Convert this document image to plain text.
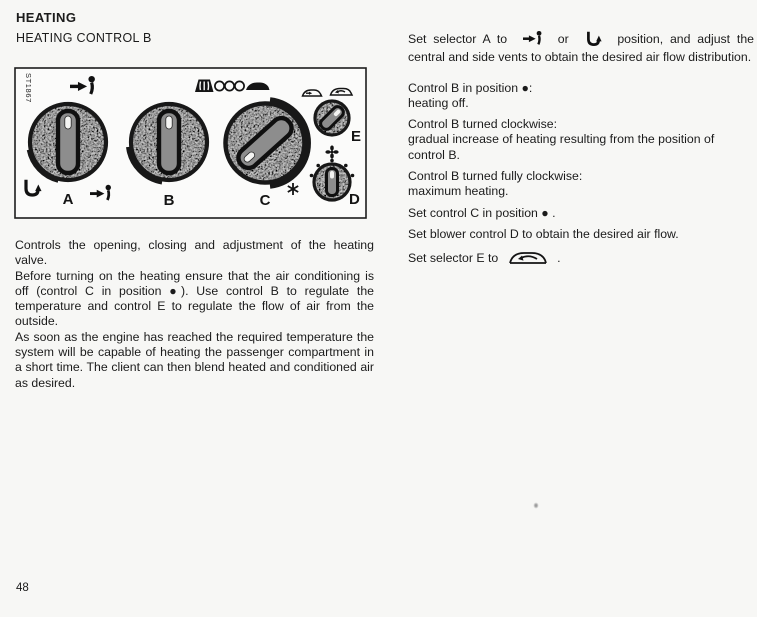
HEATING
HEATING CONTROL B
ST1867
A	B	C
E
D

Controls the opening, closing and adjustment of the heating valve.

Before turning on the heating ensure that the air conditioning is off (control C in position ●). Use control B to regulate the temperature and control E to regulate the flow of air from the outside.

As soon as the engine has reached the required temperature the system will be capable of heating the passenger compartment in a short time. The client can then blend heated and conditioned air as desired.

Set selector A to	or	position, and adjust the central and side vents to obtain the desired air flow distribution.

Control B in position ●:
heating off.

Control B turned clockwise:
gradual increase of heating resulting from the position of control B.

Control B turned fully clockwise:
maximum heating.

Set control C in position ● .

Set blower control D to obtain the desired air flow.

Set selector E to	.

48
